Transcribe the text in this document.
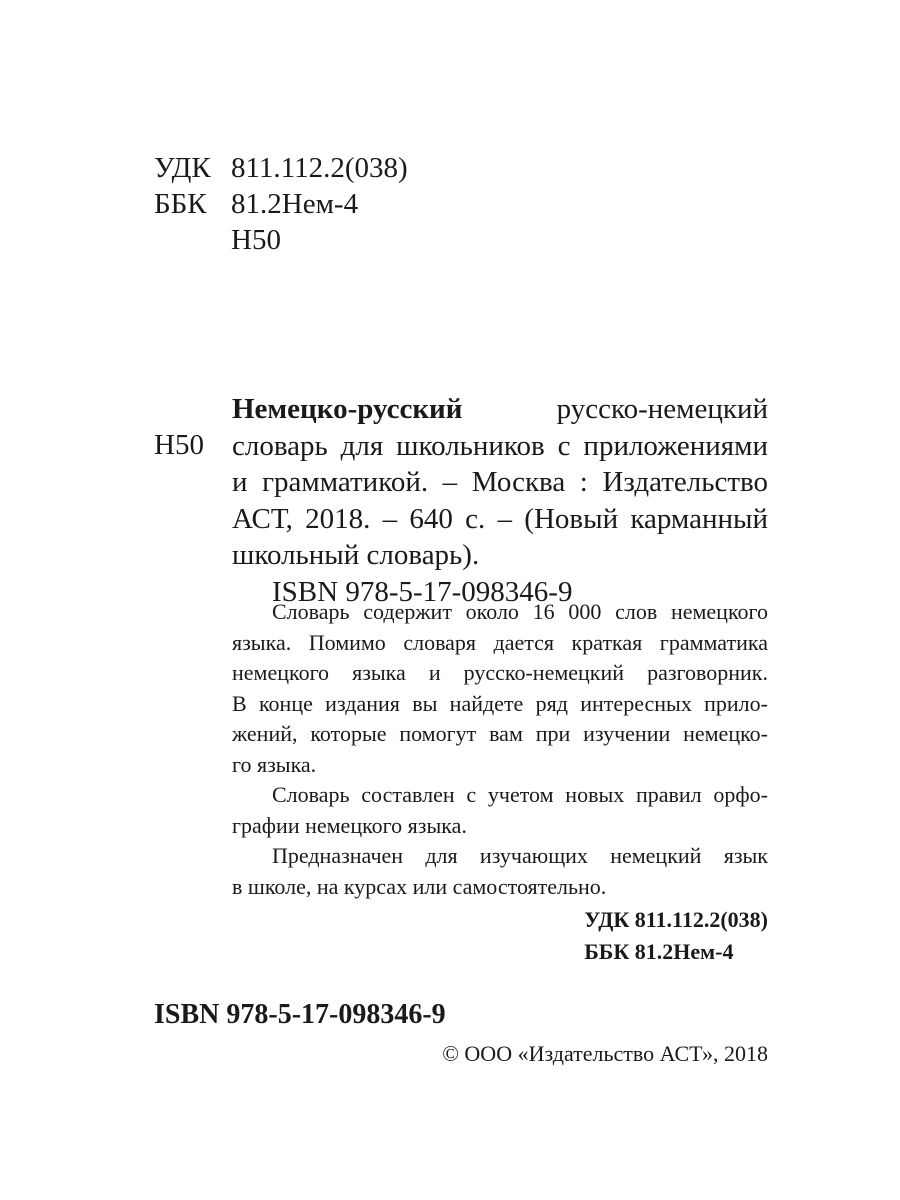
УДК 811.112.2(038)
ББК 81.2Нем-4
Н50
Н50
Немецко-русский	русско-немецкий
словарь для школьников с приложениями
и грамматикой. – Москва : Издательство
АСТ, 2018. – 640 с. – (Новый карманный
школьный словарь).
ISBN 978-5-17-098346-9
Словарь содержит около 16 000 слов немецкого
языка. Помимо словаря дается краткая грамматика
немецкого языка и русско-немецкий разговорник.
В конце издания вы найдете ряд интересных прило-
жений, которые помогут вам при изучении немецко-
го языка.
Словарь составлен с учетом новых правил орфо-
графии немецкого языка.
Предназначен для изучающих немецкий язык
в школе, на курсах или самостоятельно.
УДК 811.112.2(038)
ББК 81.2Нем-4
ISBN 978-5-17-098346-9
© ООО «Издательство АСТ», 2018
